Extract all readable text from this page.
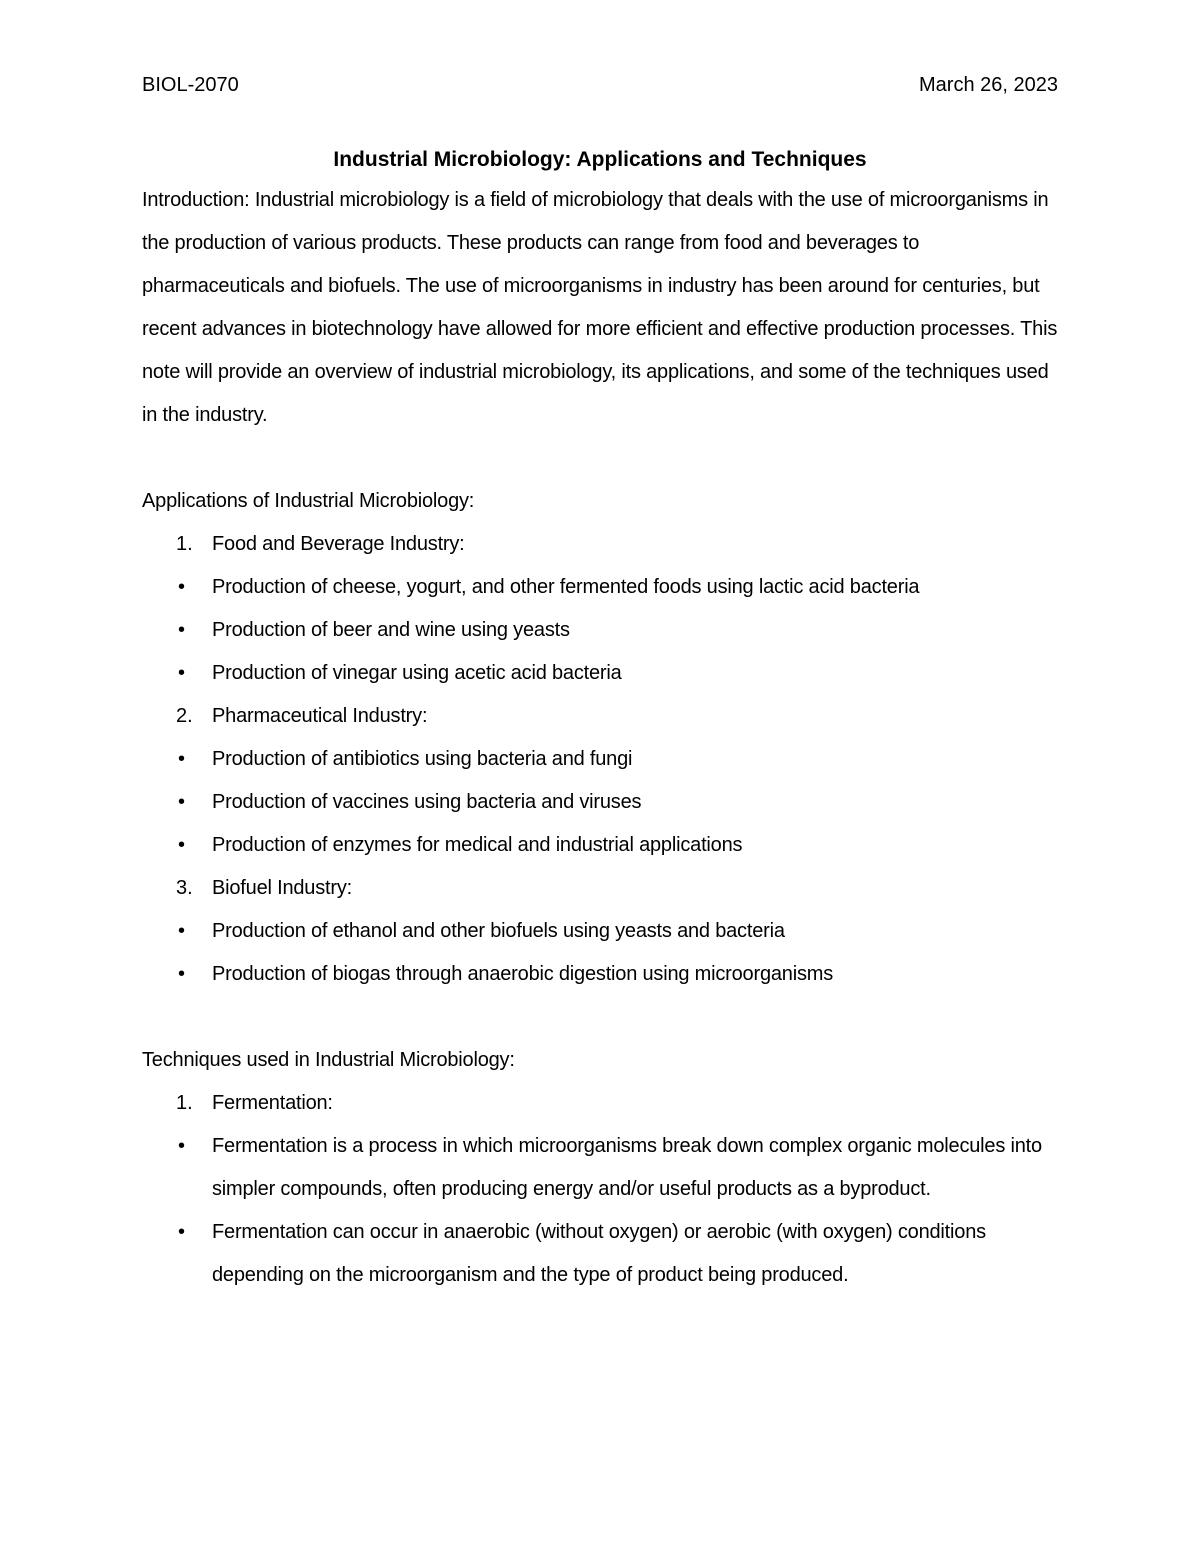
BIOL-2070	March 26, 2023
Industrial Microbiology: Applications and Techniques

Introduction: Industrial microbiology is a field of microbiology that deals with the use of microorganisms in the production of various products. These products can range from food and beverages to pharmaceuticals and biofuels. The use of microorganisms in industry has been around for centuries, but recent advances in biotechnology have allowed for more efficient and effective production processes. This note will provide an overview of industrial microbiology, its applications, and some of the techniques used in the industry.

Applications of Industrial Microbiology:

1. Food and Beverage Industry:
• Production of cheese, yogurt, and other fermented foods using lactic acid bacteria
• Production of beer and wine using yeasts
• Production of vinegar using acetic acid bacteria
2. Pharmaceutical Industry:
• Production of antibiotics using bacteria and fungi
• Production of vaccines using bacteria and viruses
• Production of enzymes for medical and industrial applications
3. Biofuel Industry:
• Production of ethanol and other biofuels using yeasts and bacteria
• Production of biogas through anaerobic digestion using microorganisms

Techniques used in Industrial Microbiology:

1. Fermentation:
• Fermentation is a process in which microorganisms break down complex organic molecules into simpler compounds, often producing energy and/or useful products as a byproduct.
• Fermentation can occur in anaerobic (without oxygen) or aerobic (with oxygen) conditions depending on the microorganism and the type of product being produced.
